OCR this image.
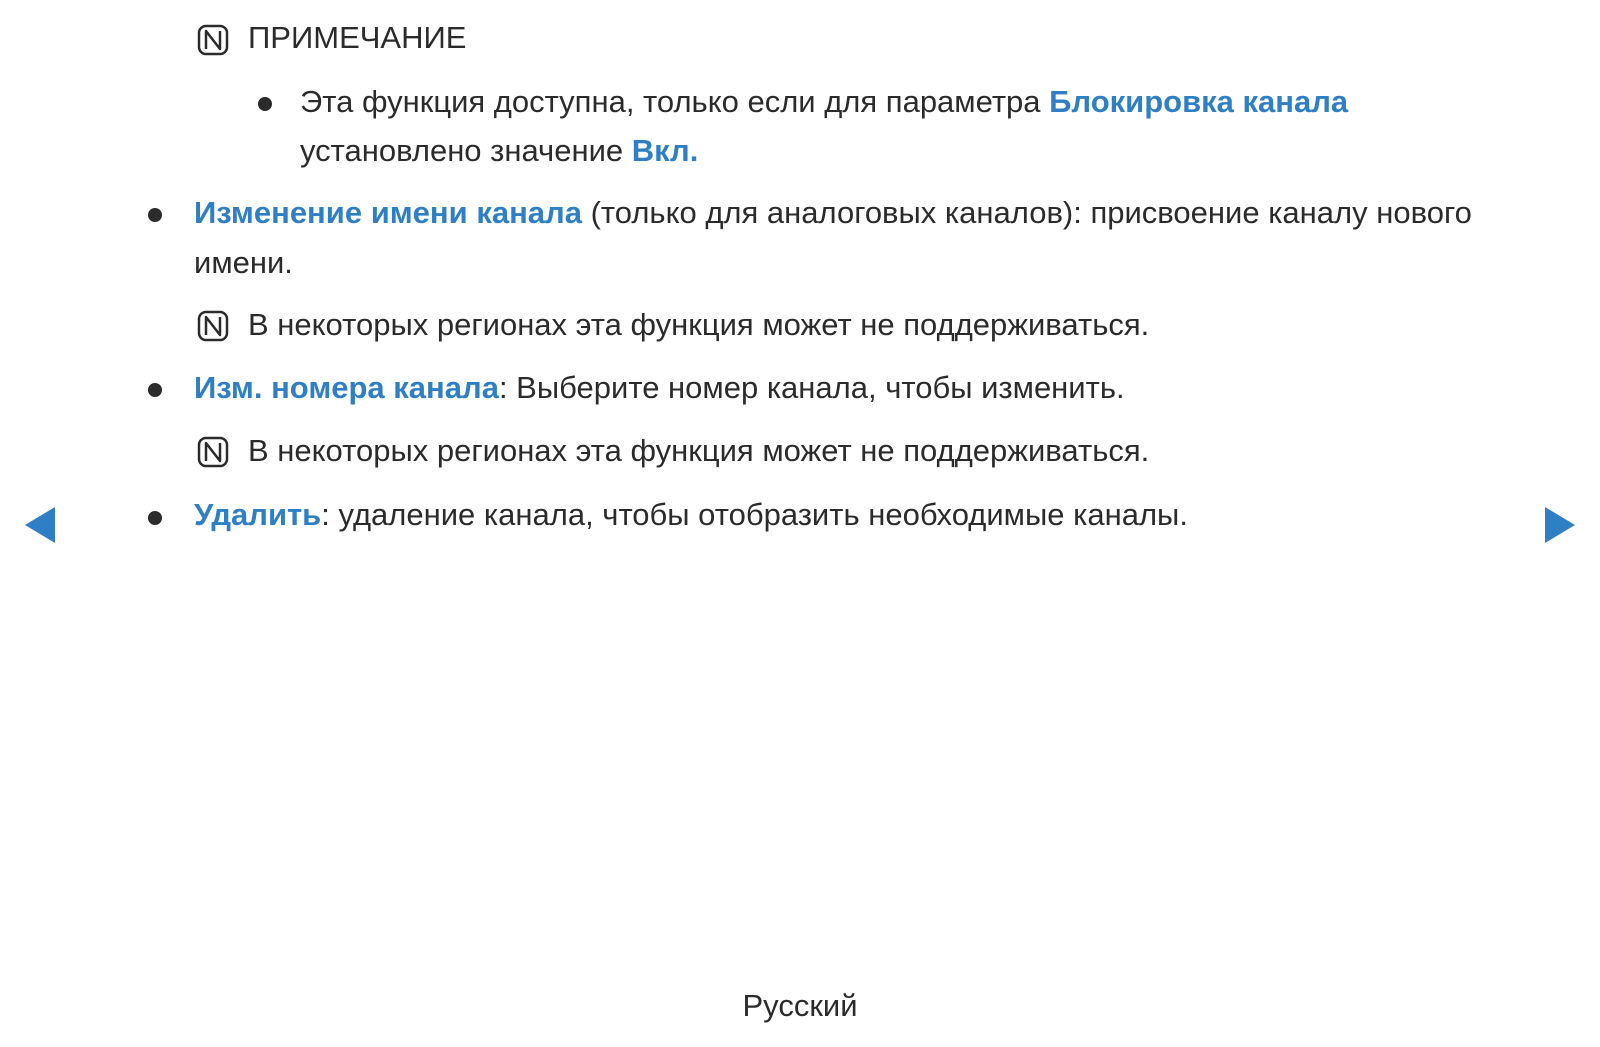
ПРИМЕЧАНИЕ
Эта функция доступна, только если для параметра Блокировка канала
установлено значение Вкл.
Изменение имени канала (только для аналоговых каналов): присвоение каналу нового
имени.
В некоторых регионах эта функция может не поддерживаться.
Изм. номера канала: Выберите номер канала, чтобы изменить.
В некоторых регионах эта функция может не поддерживаться.
Удалить: удаление канала, чтобы отобразить необходимые каналы.
Русский
